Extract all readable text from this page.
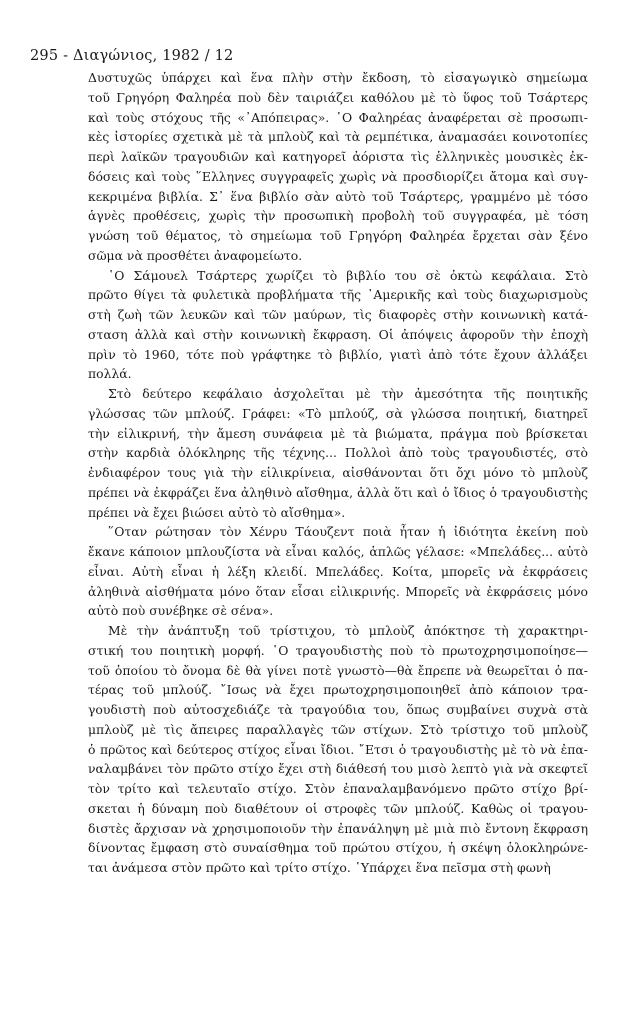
295 - Διαγώνιος, 1982 / 12
Δυστυχῶς ὑπάρχει καὶ ἕνα πλὴν στὴν ἔκδοση, τὸ εἰσαγωγικὸ σημείωμα
τοῦ Γρηγόρη Φαληρέα ποὺ δὲν ταιριάζει καθόλου μὲ τὸ ὕφος τοῦ Τσάρτερς
καὶ τοὺς στόχους τῆς «᾿Απόπειρας». ῾Ο Φαληρέας ἀναφέρεται σὲ προσωπι-
κὲς ἱστορίες σχετικὰ μὲ τὰ μπλοὺζ καὶ τὰ ρεμπέτικα, ἀναμασάει κοινοτοπίες
περὶ λαϊκῶν τραγουδιῶν καὶ κατηγορεῖ ἀόριστα τὶς ἑλληνικὲς μουσικὲς ἐκ-
δόσεις καὶ τοὺς ῞Ελληνες συγγραφεῖς χωρὶς νὰ προσδιορίζει ἄτομα καὶ συγ-
κεκριμένα βιβλία. Σ᾿ ἕνα βιβλίο σὰν αὐτὸ τοῦ Τσάρτερς, γραμμένο μὲ τόσο
ἁγνὲς προθέσεις, χωρὶς τὴν προσωπικὴ προβολὴ τοῦ συγγραφέα, μὲ τόση
γνώση τοῦ θέματος, τὸ σημείωμα τοῦ Γρηγόρη Φαληρέα ἔρχεται σὰν ξένο
σῶμα νὰ προσθέτει ἀναφομείωτο.
῾Ο Σάμουελ Τσάρτερς χωρίζει τὸ βιβλίο του σὲ ὀκτὼ κεφάλαια. Στὸ
πρῶτο θίγει τὰ φυλετικὰ προβλήματα τῆς ᾿Αμερικῆς καὶ τοὺς διαχωρισμοὺς
στὴ ζωὴ τῶν λευκῶν καὶ τῶν μαύρων, τὶς διαφορὲς στὴν κοινωνικὴ κατά-
σταση ἀλλὰ καὶ στὴν κοινωνικὴ ἔκφραση. Οἱ ἀπόψεις ἀφοροῦν τὴν ἐποχὴ
πρὶν τὸ 1960, τότε ποὺ γράφτηκε τὸ βιβλίο, γιατὶ ἀπὸ τότε ἔχουν ἀλλάξει
πολλά.
Στὸ δεύτερο κεφάλαιο ἀσχολεῖται μὲ τὴν ἀμεσότητα τῆς ποιητικῆς
γλώσσας τῶν μπλούζ. Γράφει: «Τὸ μπλούζ, σὰ γλώσσα ποιητική, διατηρεῖ
τὴν εἰλικρινή, τὴν ἄμεση συνάφεια μὲ τὰ βιώματα, πράγμα ποὺ βρίσκεται
στὴν καρδιὰ ὁλόκληρης τῆς τέχνης... Πολλοὶ ἀπὸ τοὺς τραγουδιστές, στὸ
ἐνδιαφέρον τους γιὰ τὴν εἰλικρίνεια, αἰσθάνονται ὅτι ὄχι μόνο τὸ μπλοὺζ
πρέπει νὰ ἐκφράζει ἕνα ἀληθινὸ αἴσθημα, ἀλλὰ ὅτι καὶ ὁ ἴδιος ὁ τραγουδιστὴς
πρέπει νὰ ἔχει βιώσει αὐτὸ τὸ αἴσθημα».
῞Οταν ρώτησαν τὸν Χένρυ Τάουζεντ ποιὰ ἦταν ἡ ἰδιότητα ἐκείνη ποὺ
ἔκανε κάποιον μπλουζίστα νὰ εἶναι καλός, ἁπλῶς γέλασε: «Μπελάδες... αὐτὸ
εἶναι. Αὐτὴ εἶναι ἡ λέξη κλειδί. Μπελάδες. Κοίτα, μπορεῖς νὰ ἐκφράσεις
ἀληθινὰ αἰσθήματα μόνο ὅταν εἶσαι εἰλικρινής. Μπορεῖς νὰ ἐκφράσεις μόνο
αὐτὸ ποὺ συνέβηκε σὲ σένα».
Μὲ τὴν ἀνάπτυξη τοῦ τρίστιχου, τὸ μπλοὺζ ἀπόκτησε τὴ χαρακτηρι-
στική του ποιητικὴ μορφή. ῾Ο τραγουδιστὴς ποὺ τὸ πρωτοχρησιμοποίησε—
τοῦ ὁποίου τὸ ὄνομα δὲ θὰ γίνει ποτὲ γνωστὸ—θὰ ἔπρεπε νὰ θεωρεῖται ὁ πα-
τέρας τοῦ μπλούζ. ῎Ισως νὰ ἔχει πρωτοχρησιμοποιηθεῖ ἀπὸ κάποιον τρα-
γουδιστὴ ποὺ αὐτοσχεδιάζε τὰ τραγούδια του, ὅπως συμβαίνει συχνὰ στὰ
μπλοὺζ μὲ τὶς ἄπειρες παραλλαγὲς τῶν στίχων. Στὸ τρίστιχο τοῦ μπλοὺζ
ὁ πρῶτος καὶ δεύτερος στίχος εἶναι ἴδιοι. ῎Ετσι ὁ τραγουδιστὴς μὲ τὸ νὰ ἐπα-
ναλαμβάνει τὸν πρῶτο στίχο ἔχει στὴ διάθεσή του μισὸ λεπτὸ γιὰ νὰ σκεφτεῖ
τὸν τρίτο καὶ τελευταῖο στίχο. Στὸν ἐπαναλαμβανόμενο πρῶτο στίχο βρί-
σκεται ἡ δύναμη ποὺ διαθέτουν οἱ στροφὲς τῶν μπλούζ. Καθὼς οἱ τραγου-
διστὲς ἄρχισαν νὰ χρησιμοποιοῦν τὴν ἐπανάληψη μὲ μιὰ πιὸ ἔντονη ἔκφραση
δίνοντας ἔμφαση στὸ συναίσθημα τοῦ πρώτου στίχου, ἡ σκέψη ὁλοκληρώνε-
ται ἀνάμεσα στὸν πρῶτο καὶ τρίτο στίχο. ῾Υπάρχει ἕνα πεῖσμα στὴ φωνὴ
